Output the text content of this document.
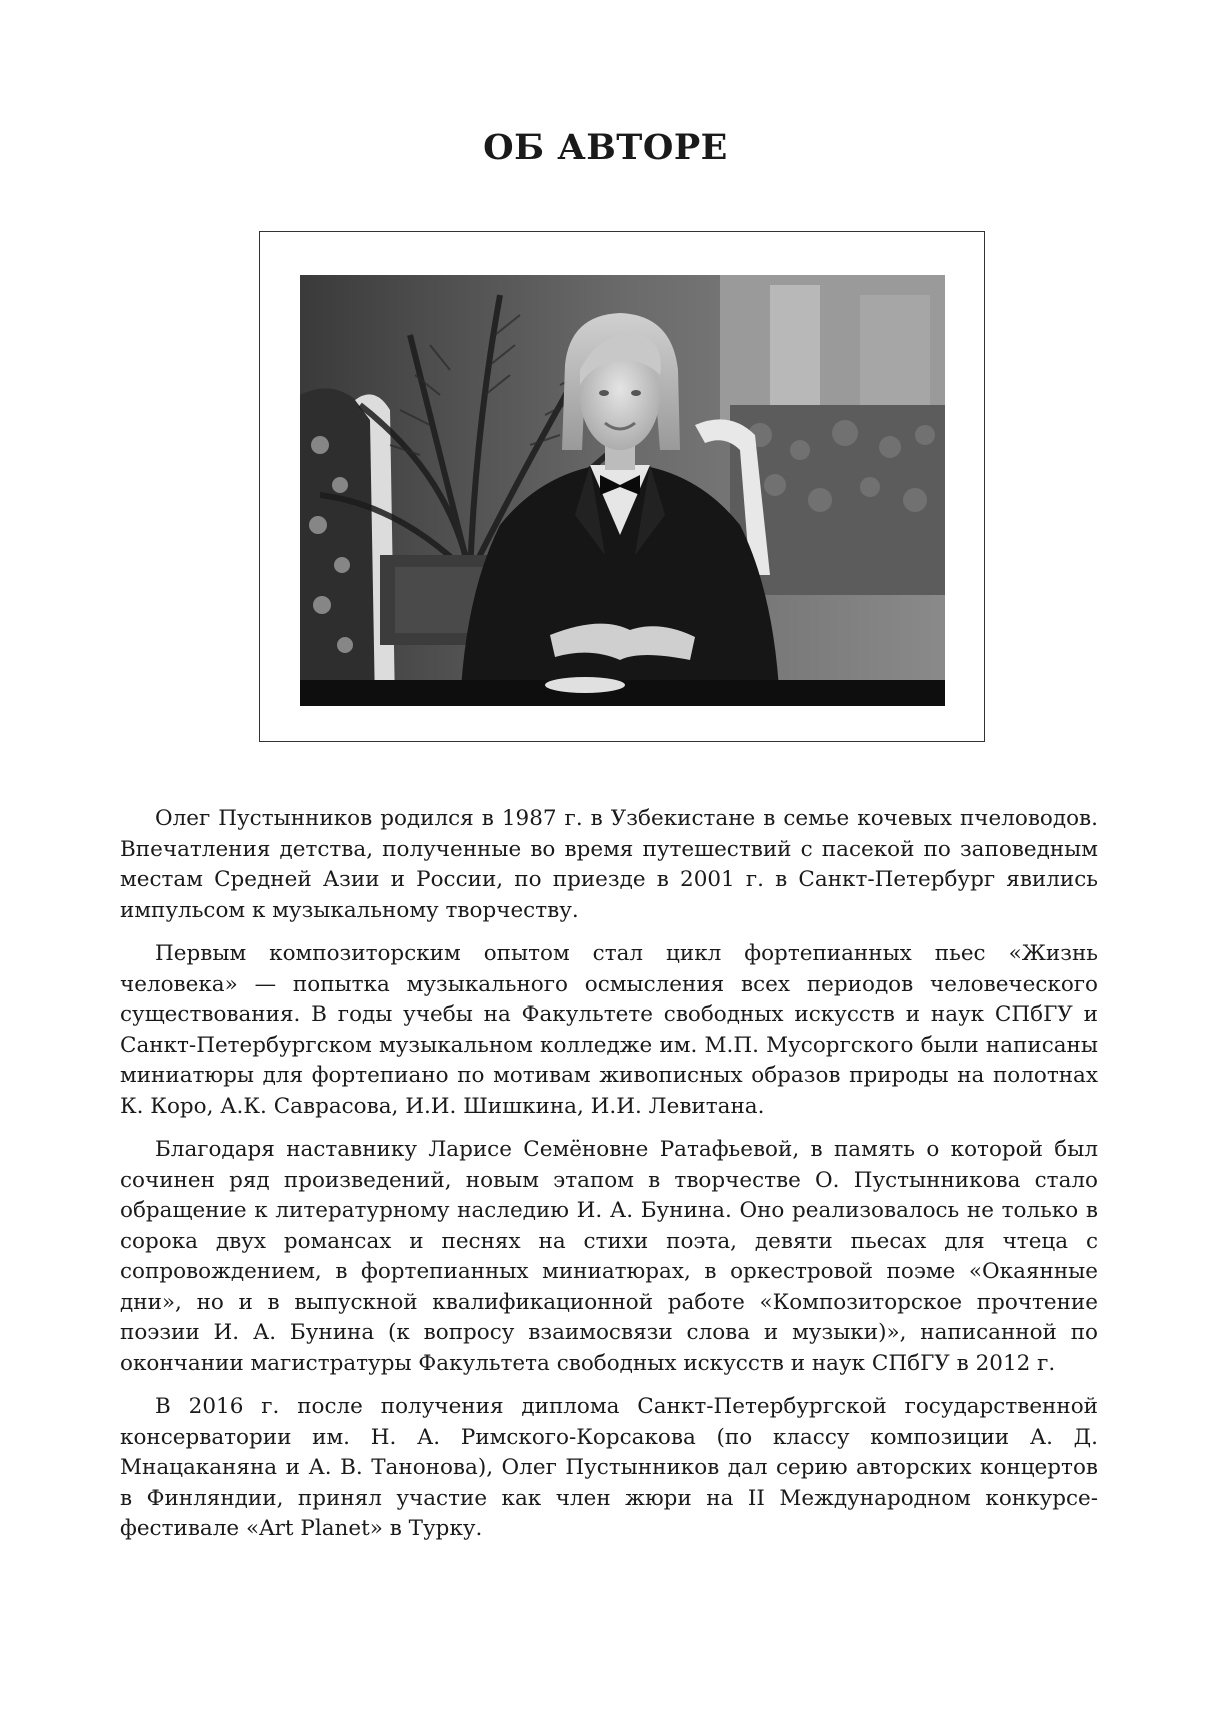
ОБ АВТОРЕ

Олег Пустынников родился в 1987 г. в Узбекистане в семье кочевых пчеловодов. Впечатления детства, полученные во время путешествий с пасекой по заповедным местам Средней Азии и России, по приезде в 2001 г. в Санкт-Петербург явились импульсом к музыкальному творчеству.

Первым композиторским опытом стал цикл фортепианных пьес «Жизнь человека» — попытка музыкального осмысления всех периодов человеческого существования. В годы учебы на Факультете свободных искусств и наук СПбГУ и Санкт-Петербургском музыкальном колледже им. М.П. Мусоргского были написаны миниатюры для фортепиано по мотивам живописных образов природы на полотнах К. Коро, А.К. Саврасова, И.И. Шишкина, И.И. Левитана.

Благодаря наставнику Ларисе Семёновне Ратафьевой, в память о которой был сочинен ряд произведений, новым этапом в творчестве О. Пустынникова стало обращение к литературному наследию И. А. Бунина. Оно реализовалось не только в сорока двух романсах и песнях на стихи поэта, девяти пьесах для чтеца с сопровождением, в фортепианных миниатюрах, в оркестровой поэме «Окаянные дни», но и в выпускной квалификационной работе «Композиторское прочтение поэзии И. А. Бунина (к вопросу взаимосвязи слова и музыки)», написанной по окончании магистратуры Факультета свободных искусств и наук СПбГУ в 2012 г.

В 2016 г. после получения диплома Санкт-Петербургской государственной консерватории им. Н. А. Римского-Корсакова (по классу композиции А. Д. Мнацаканяна и А. В. Танонова), Олег Пустынников дал серию авторских концертов в Финляндии, принял участие как член жюри на II Международном конкурсе-фестивале «Art Planet» в Турку.
